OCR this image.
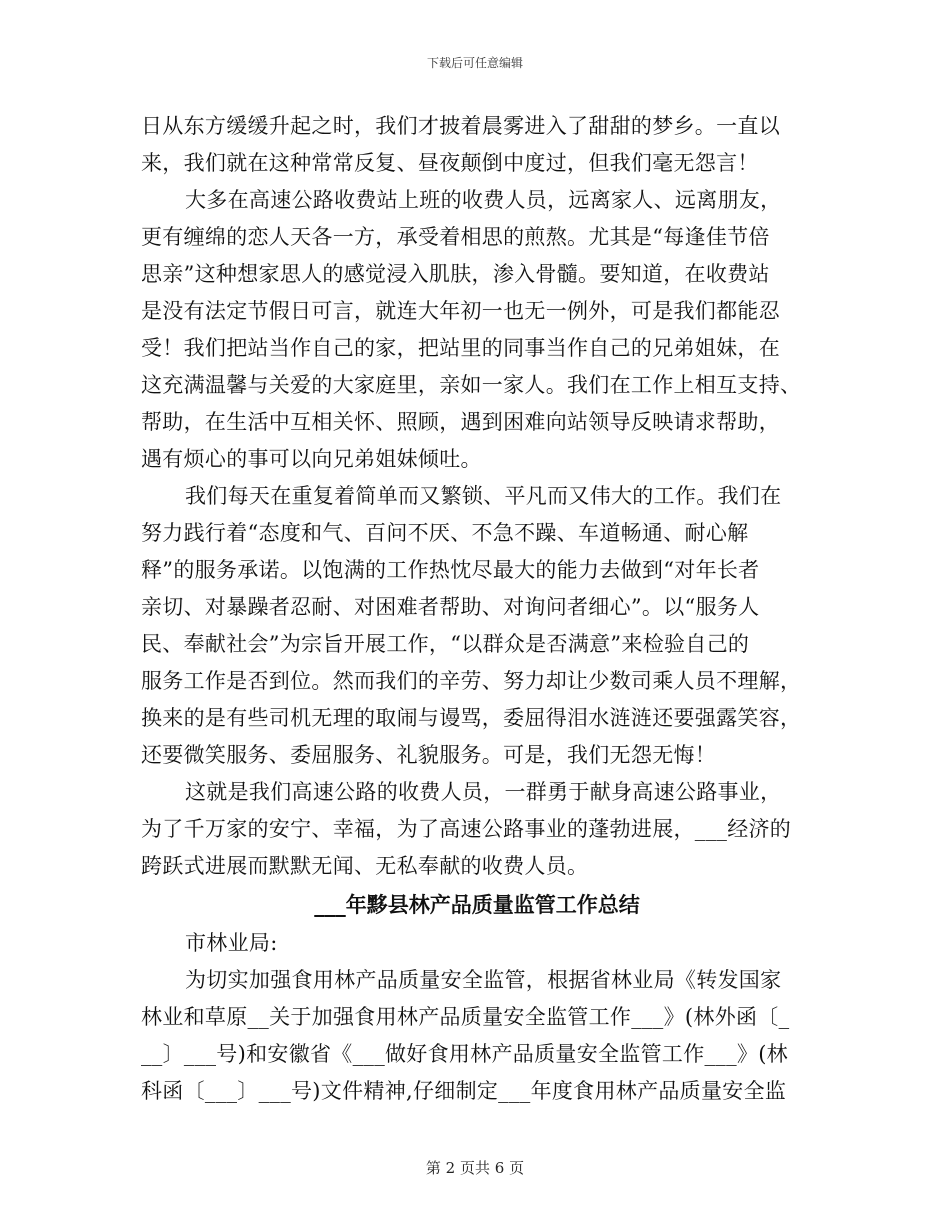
下载后可任意编辑
日从东方缓缓升起之时，我们才披着晨雾进入了甜甜的梦乡。一直以
来，我们就在这种常常反复、昼夜颠倒中度过，但我们毫无怨言！
大多在高速公路收费站上班的收费人员，远离家人、远离朋友，
更有缠绵的恋人天各一方，承受着相思的煎熬。尤其是“每逢佳节倍
思亲”这种想家思人的感觉浸入肌肤，渗入骨髓。要知道，在收费站
是没有法定节假日可言，就连大年初一也无一例外，可是我们都能忍
受！我们把站当作自己的家，把站里的同事当作自己的兄弟姐妹，在
这充满温馨与关爱的大家庭里，亲如一家人。我们在工作上相互支持、
帮助，在生活中互相关怀、照顾，遇到困难向站领导反映请求帮助，
遇有烦心的事可以向兄弟姐妹倾吐。
我们每天在重复着简单而又繁锁、平凡而又伟大的工作。我们在
努力践行着“态度和气、百问不厌、不急不躁、车道畅通、耐心解
释”的服务承诺。以饱满的工作热忱尽最大的能力去做到“对年长者
亲切、对暴躁者忍耐、对困难者帮助、对询问者细心”。以“服务人
民、奉献社会”为宗旨开展工作，“以群众是否满意”来检验自己的
服务工作是否到位。然而我们的辛劳、努力却让少数司乘人员不理解，
换来的是有些司机无理的取闹与谩骂，委屈得泪水涟涟还要强露笑容，
还要微笑服务、委屈服务、礼貌服务。可是，我们无怨无悔！
这就是我们高速公路的收费人员，一群勇于献身高速公路事业，
为了千万家的安宁、幸福，为了高速公路事业的蓬勃进展，___经济的
跨跃式进展而默默无闻、无私奉献的收费人员。
___年黟县林产品质量监管工作总结
市林业局:
为切实加强食用林产品质量安全监管，根据省林业局《转发国家
林业和草原__关于加强食用林产品质量安全监管工作___》(林外函〔_
__〕___号)和安徽省《___做好食用林产品质量安全监管工作___》(林
科函〔___〕___号)文件精神,仔细制定___年度食用林产品质量安全监
第 2 页共 6 页
